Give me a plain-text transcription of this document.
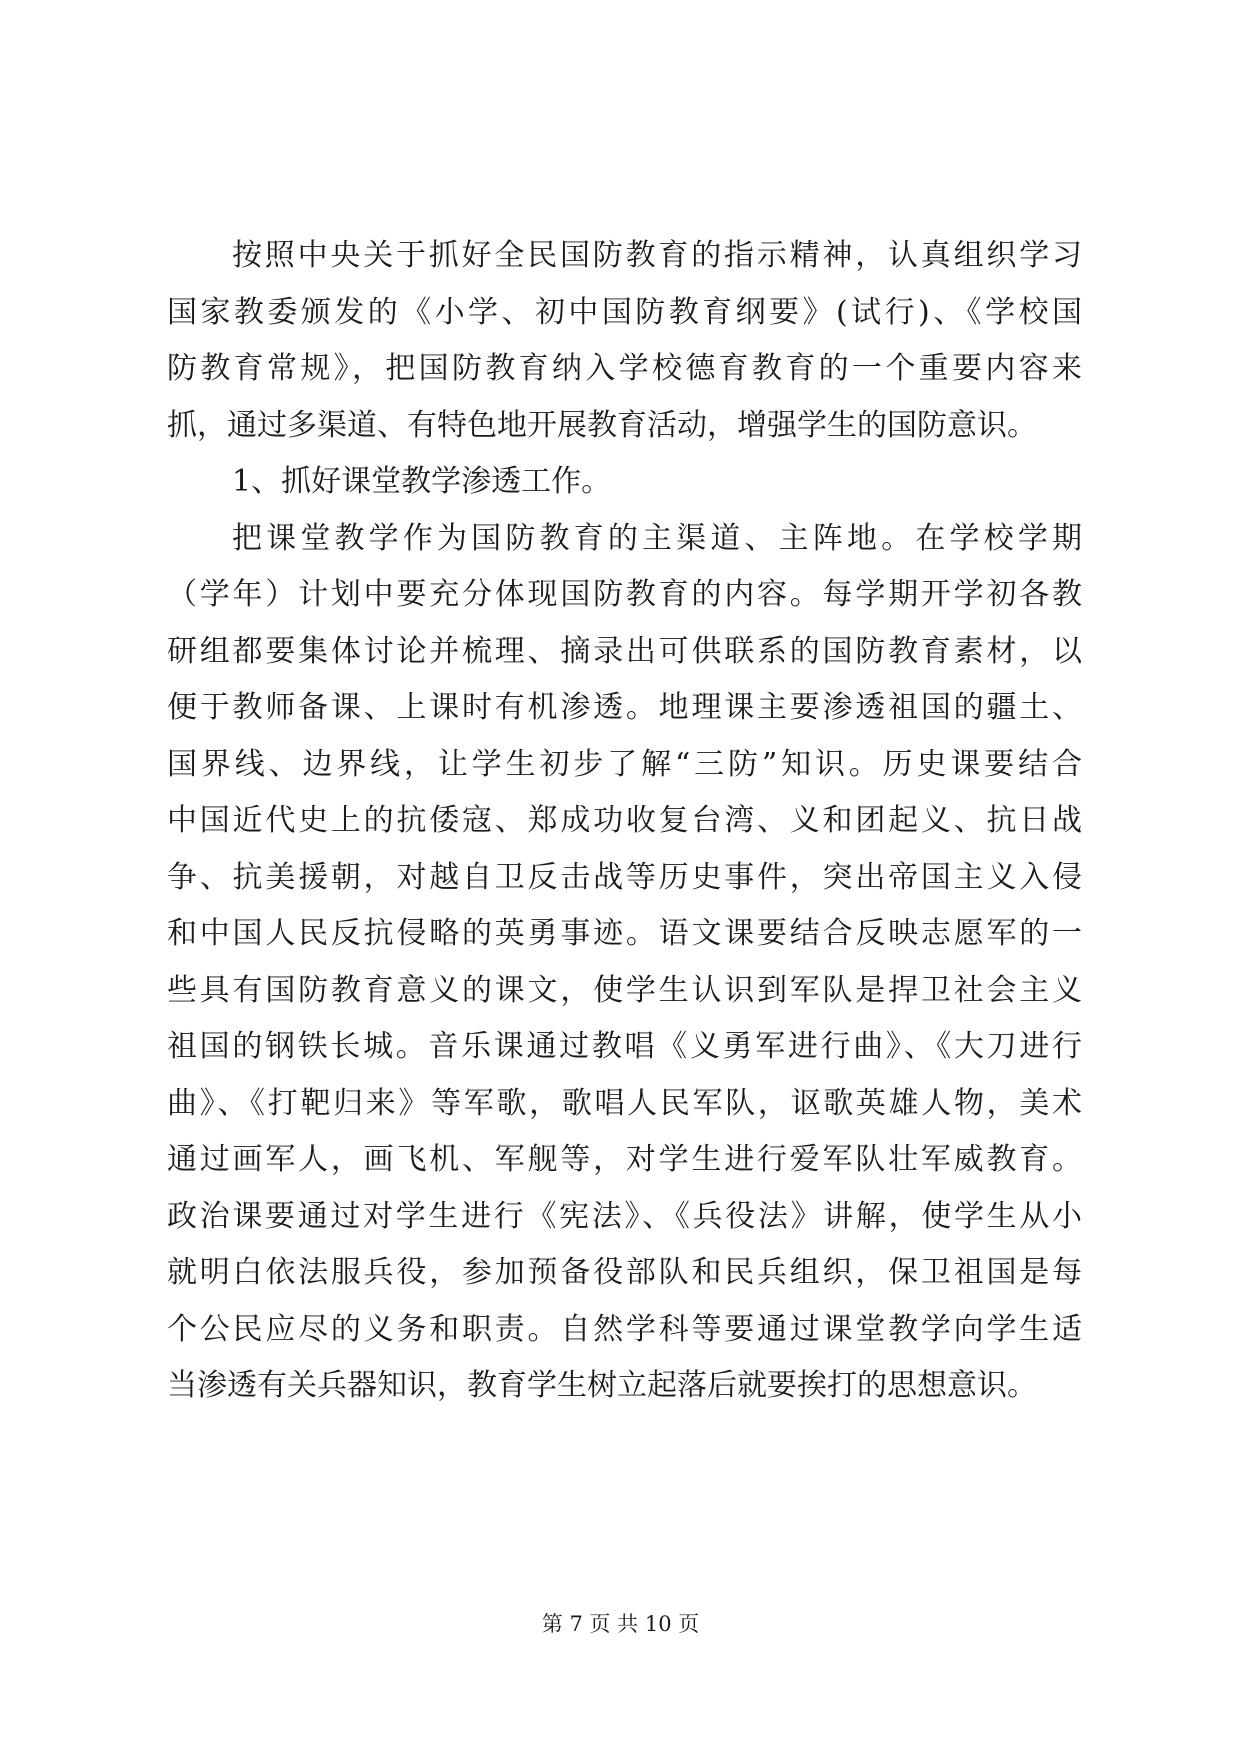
按照中央关于抓好全民国防教育的指示精神，认真组织学习
国家教委颁发的《小学、初中国防教育纲要》(试行)、《学校国
防教育常规》，把国防教育纳入学校德育教育的一个重要内容来
抓，通过多渠道、有特色地开展教育活动，增强学生的国防意识。
1、抓好课堂教学渗透工作。
把课堂教学作为国防教育的主渠道、主阵地。在学校学期
（学年）计划中要充分体现国防教育的内容。每学期开学初各教
研组都要集体讨论并梳理、摘录出可供联系的国防教育素材，以
便于教师备课、上课时有机渗透。地理课主要渗透祖国的疆土、
国界线、边界线，让学生初步了解“三防”知识。历史课要结合
中国近代史上的抗倭寇、郑成功收复台湾、义和团起义、抗日战
争、抗美援朝，对越自卫反击战等历史事件，突出帝国主义入侵
和中国人民反抗侵略的英勇事迹。语文课要结合反映志愿军的一
些具有国防教育意义的课文，使学生认识到军队是捍卫社会主义
祖国的钢铁长城。音乐课通过教唱《义勇军进行曲》、《大刀进行
曲》、《打靶归来》等军歌，歌唱人民军队，讴歌英雄人物，美术
通过画军人，画飞机、军舰等，对学生进行爱军队壮军威教育。
政治课要通过对学生进行《宪法》、《兵役法》讲解，使学生从小
就明白依法服兵役，参加预备役部队和民兵组织，保卫祖国是每
个公民应尽的义务和职责。自然学科等要通过课堂教学向学生适
当渗透有关兵器知识，教育学生树立起落后就要挨打的思想意识。
第 7 页 共 10 页
